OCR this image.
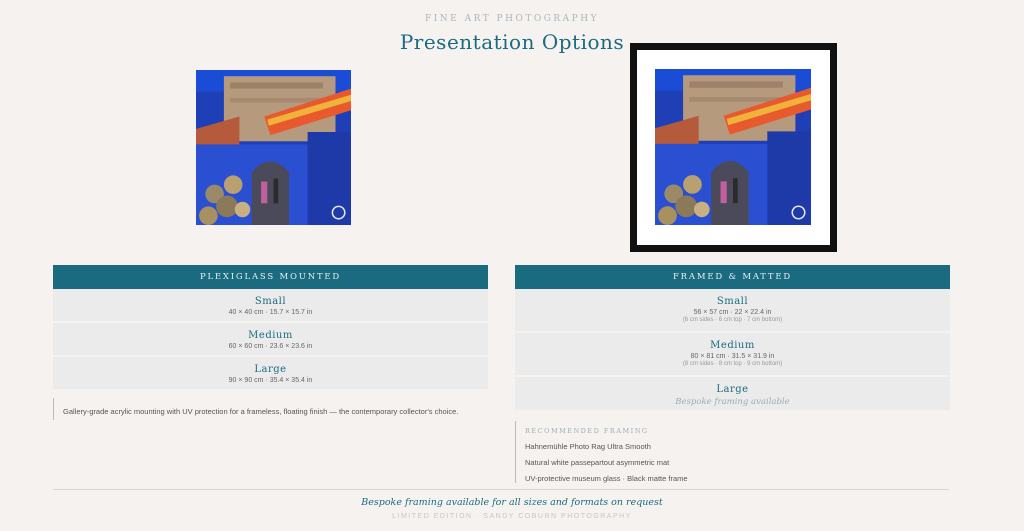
FINE ART PHOTOGRAPHY
Presentation Options
PLEXIGLASS MOUNTED
Small
40 × 40 cm · 15.7 × 15.7 in
Medium
60 × 60 cm · 23.6 × 23.6 in
Large
90 × 90 cm · 35.4 × 35.4 in
Gallery-grade acrylic mounting with UV protection for a frameless, floating finish — the contemporary collector's choice.
FRAMED & MATTED
Small
56 × 57 cm · 22 × 22.4 in
(6 cm sides · 6 cm top · 7 cm bottom)
Medium
80 × 81 cm · 31.5 × 31.9 in
(8 cm sides · 8 cm top · 9 cm bottom)
Large
Bespoke framing available
RECOMMENDED FRAMING
Hahnemühle Photo Rag Ultra Smooth
Natural white passepartout asymmetric mat
UV-protective museum glass · Black matte frame
Bespoke framing available for all sizes and formats on request
LIMITED EDITION · SANDY COBURN PHOTOGRAPHY
